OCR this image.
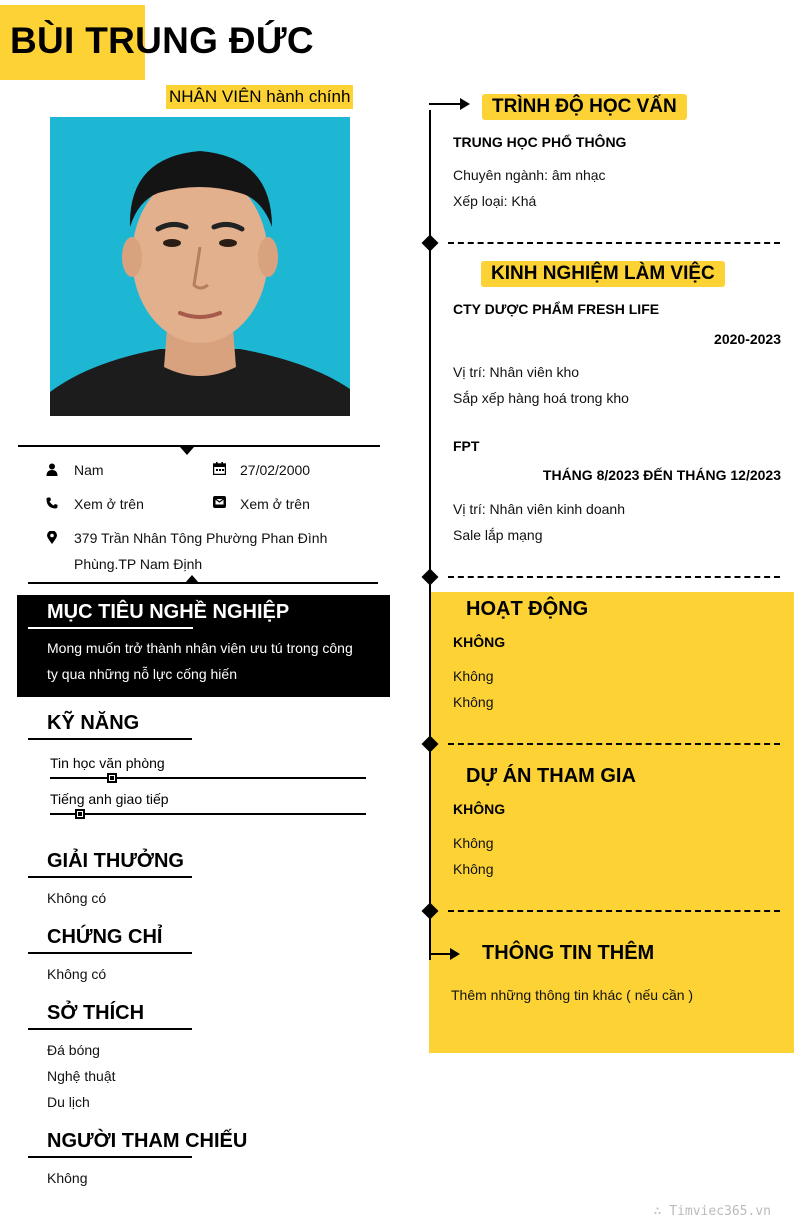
BÙI TRUNG ĐỨC
NHÂN VIÊN hành chính
Nam	27/02/2000
Xem ở trên	Xem ở trên
379 Trần Nhân Tông Phường Phan Đình
Phùng.TP Nam Định
MỤC TIÊU NGHỀ NGHIỆP
Mong muốn trở thành nhân viên ưu tú trong công
ty qua những nỗ lực cống hiến
KỸ NĂNG
Tin học văn phòng
Tiếng anh giao tiếp
GIẢI THƯỞNG
Không có
CHỨNG CHỈ
Không có
SỞ THÍCH
Đá bóng
Nghệ thuật
Du lịch
NGƯỜI THAM CHIẾU
Không
TRÌNH ĐỘ HỌC VẤN
TRUNG HỌC PHỔ THÔNG
Chuyên ngành: âm nhạc
Xếp loại: Khá
KINH NGHIỆM LÀM VIỆC
CTY DƯỢC PHẨM FRESH LIFE
2020-2023
Vị trí: Nhân viên kho
Sắp xếp hàng hoá trong kho
FPT
THÁNG 8/2023 ĐẾN THÁNG 12/2023
Vị trí: Nhân viên kinh doanh
Sale lắp mạng
HOẠT ĐỘNG
KHÔNG
Không
Không
DỰ ÁN THAM GIA
KHÔNG
Không
Không
THÔNG TIN THÊM
Thêm những thông tin khác ( nếu cần )
∴ Timviec365.vn
